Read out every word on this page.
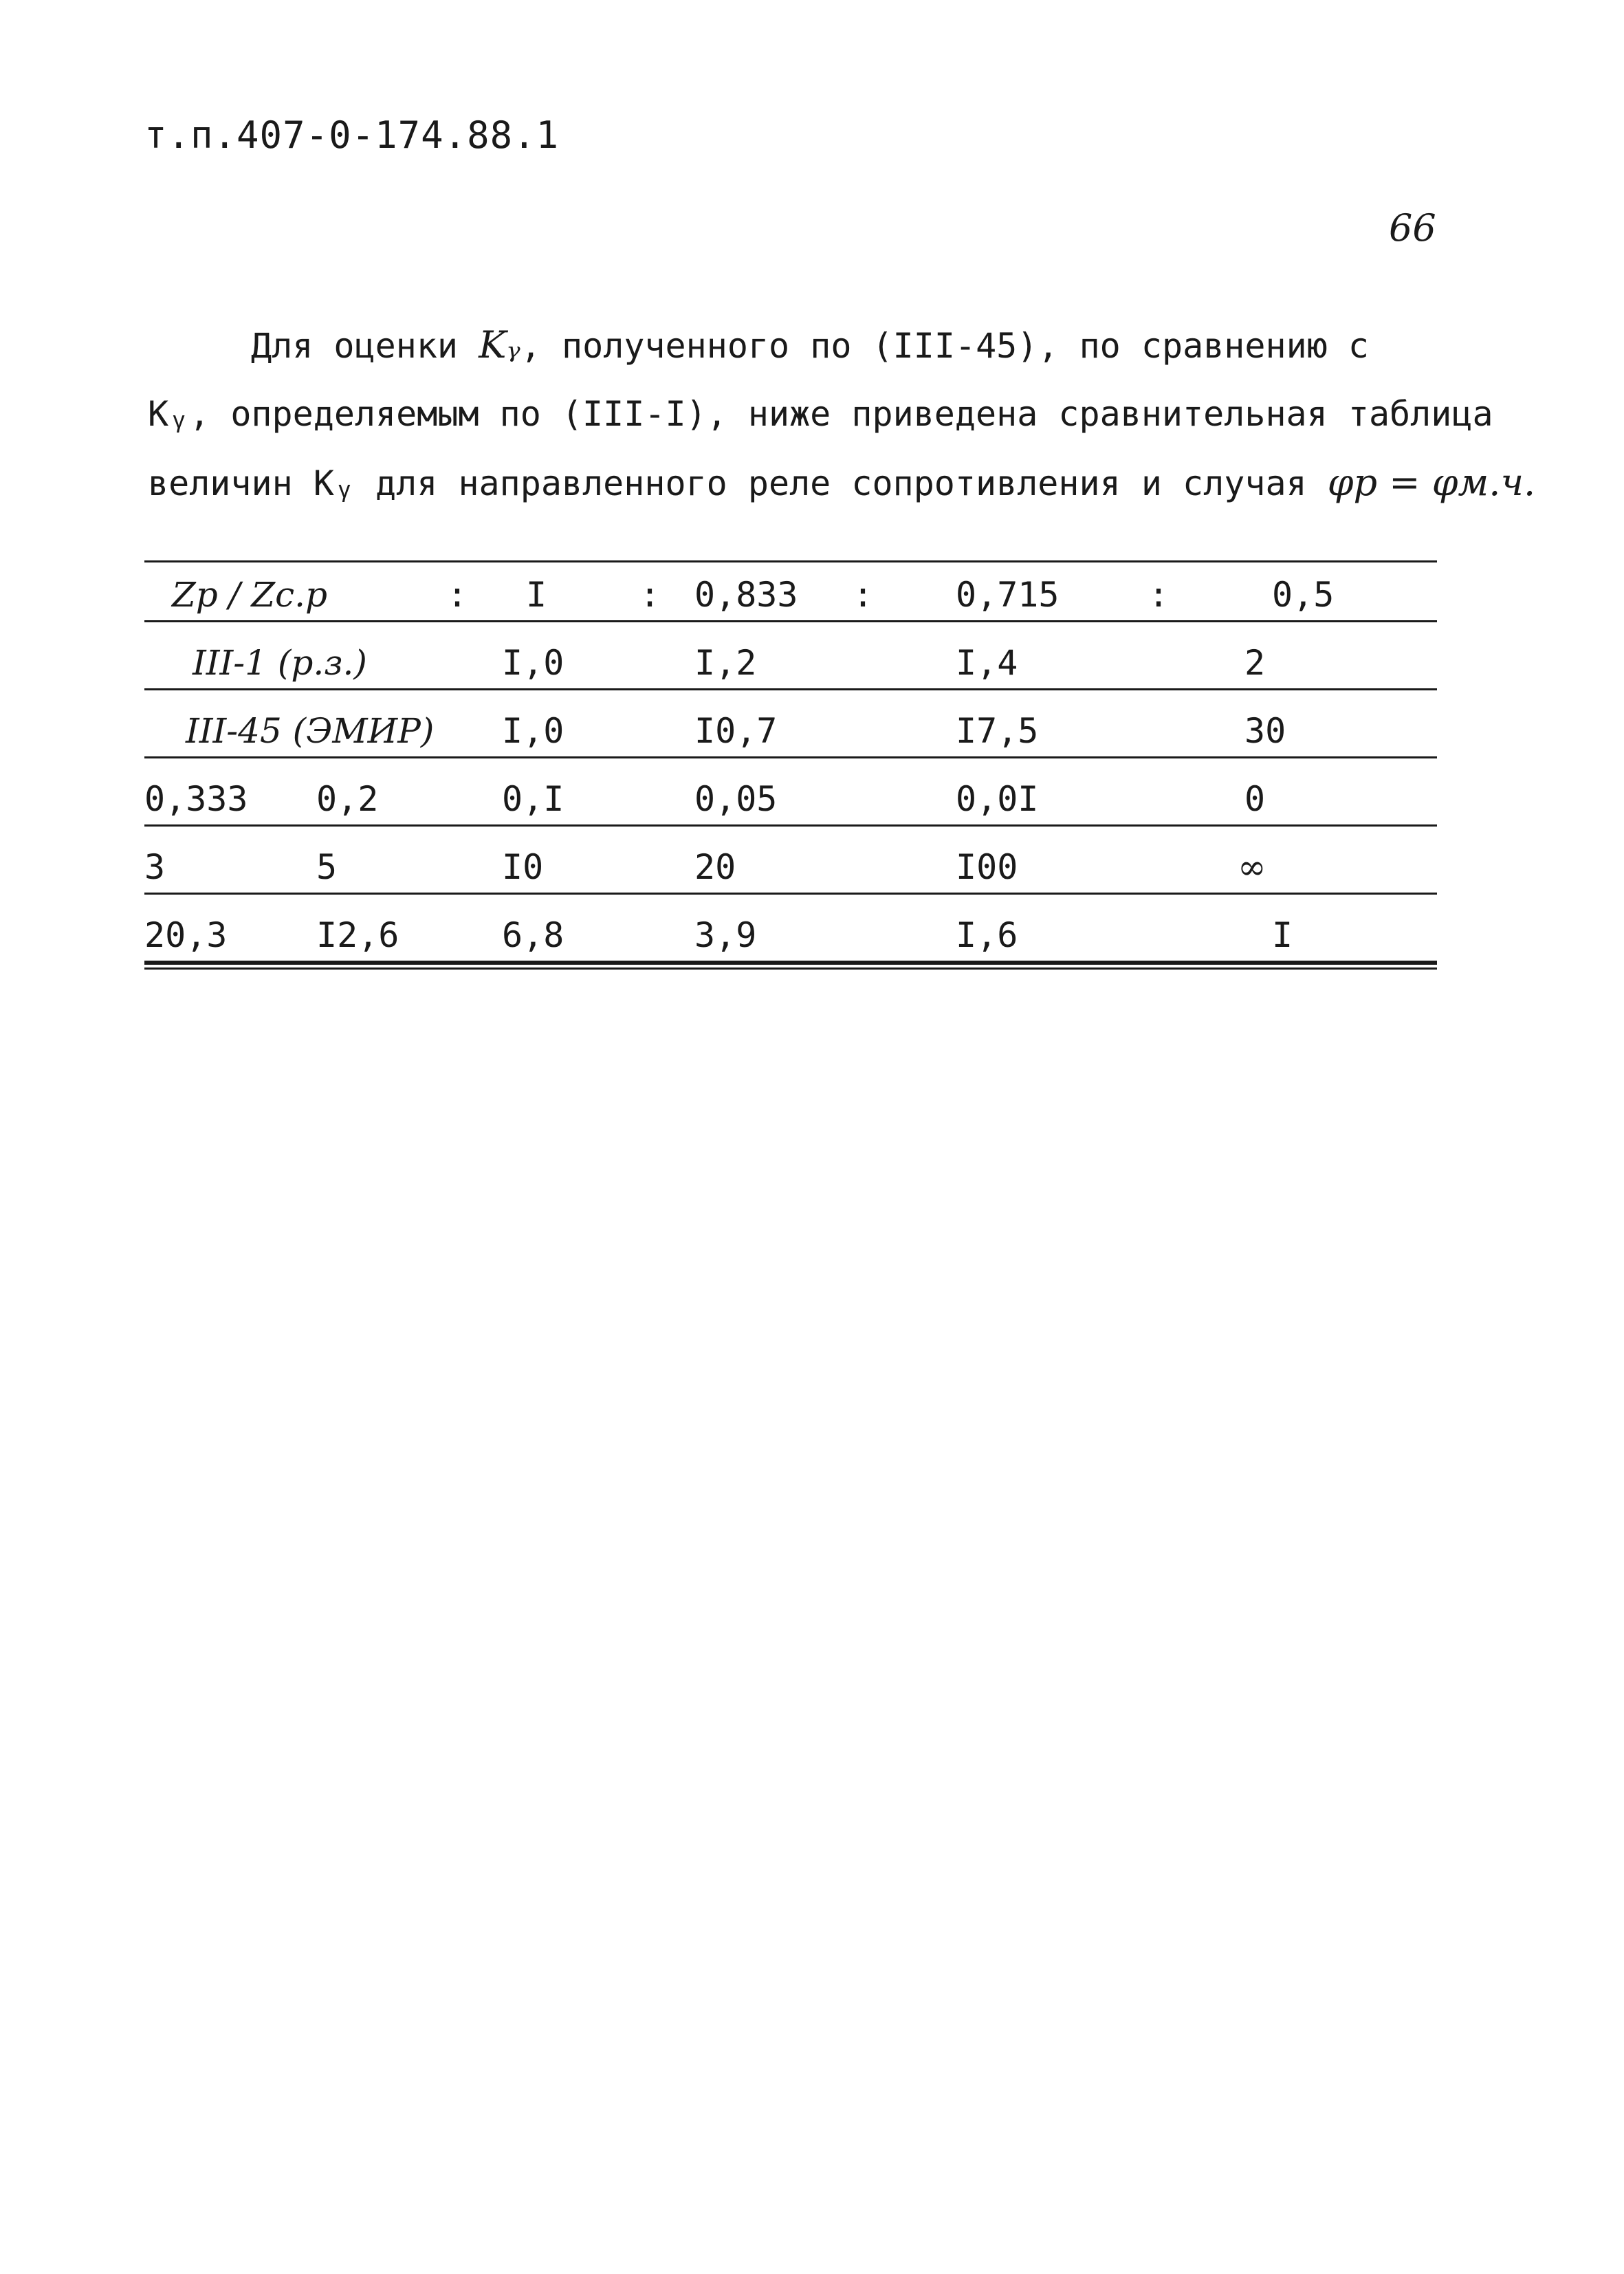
т.п.407-0-174.88.1
66
Для оценки Kᵧ, полученного по (III-45), по сравнению с
Kᵧ, определяемым по (III-I), ниже приведена сравнительная таблица
величин Kᵧ для направленного реле сопротивления и случая φp = φм.ч.
Zp / Zс.р	: I	: 0,833 : 0,715	:	0,5
III-1 (р.з.)	I,0	I,2	I,4	2
III-45 (ЭМИР) I,0	I0,7	I7,5	30
0,333 0,2	0,I	0,05	0,0I	0
3	5	I0	20	I00	∞
20,3	I2,6	6,8	3,9	I,6	I
